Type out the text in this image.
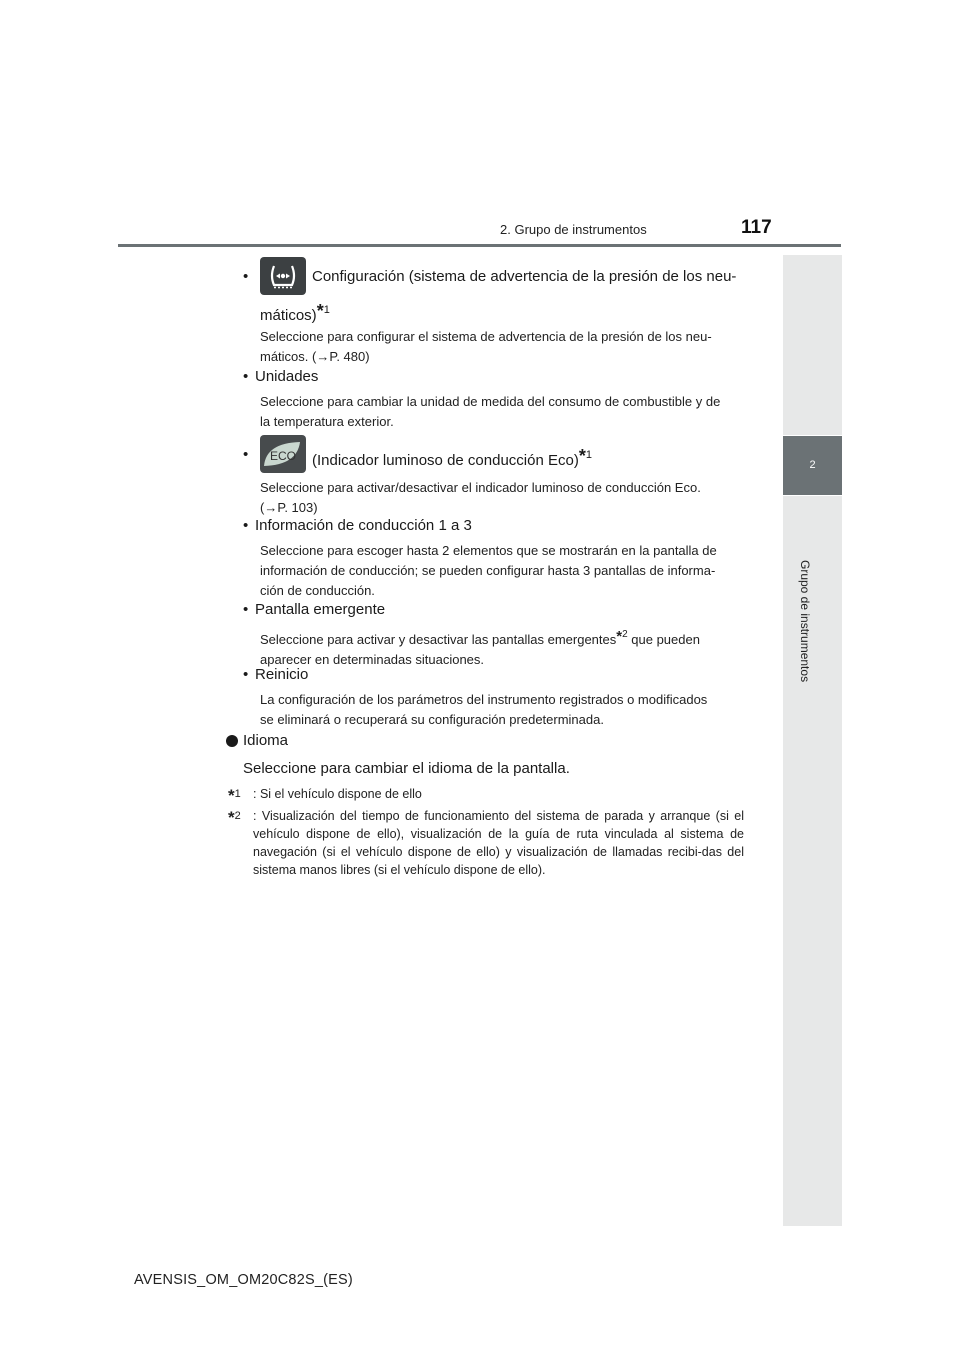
2. Grupo de instrumentos	117
2
Grupo de instrumentos
•	Configuración (sistema de advertencia de la presión de los neu-
máticos)*$^1$
Seleccione para configurar el sistema de advertencia de la presión de los neu-
máticos. (→P. 480)
• Unidades
Seleccione para cambiar la unidad de medida del consumo de combustible y de
la temperatura exterior.
•	ECO (Indicador luminoso de conducción Eco)*$^1$
Seleccione para activar/desactivar el indicador luminoso de conducción Eco.
(→P. 103)
• Información de conducción 1 a 3
Seleccione para escoger hasta 2 elementos que se mostrarán en la pantalla de
información de conducción; se pueden configurar hasta 3 pantallas de informa-
ción de conducción.
• Pantalla emergente
Seleccione para activar y desactivar las pantallas emergentes*$^2$ que pueden
aparecer en determinadas situaciones.
• Reinicio
La configuración de los parámetros del instrumento registrados o modificados
se eliminará o recuperará su configuración predeterminada.
Idioma
Seleccione para cambiar el idioma de la pantalla.
*1 : Si el vehículo dispone de ello
*2 : Visualización del tiempo de funcionamiento del sistema de parada y arranque (si el vehículo dispone de ello), visualización de la guía de ruta vinculada al sistema de navegación (si el vehículo dispone de ello) y visualización de llamadas recibi-das del sistema manos libres (si el vehículo dispone de ello).
AVENSIS_OM_OM20C82S_(ES)
